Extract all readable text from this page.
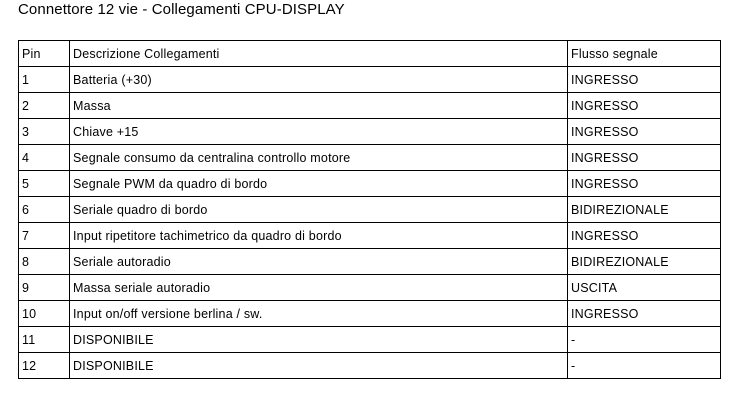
Connettore 12 vie - Collegamenti CPU-DISPLAY
Pin	Descrizione Collegamenti	Flusso segnale
1	Batteria (+30)	INGRESSO
2	Massa	INGRESSO
3	Chiave +15	INGRESSO
4	Segnale consumo da centralina controllo motore	INGRESSO
5	Segnale PWM da quadro di bordo	INGRESSO
6	Seriale quadro di bordo	BIDIREZIONALE
7	Input ripetitore tachimetrico da quadro di bordo	INGRESSO
8	Seriale autoradio	BIDIREZIONALE
9	Massa seriale autoradio	USCITA
10	Input on/off versione berlina / sw.	INGRESSO
11	DISPONIBILE	-
12	DISPONIBILE	-
